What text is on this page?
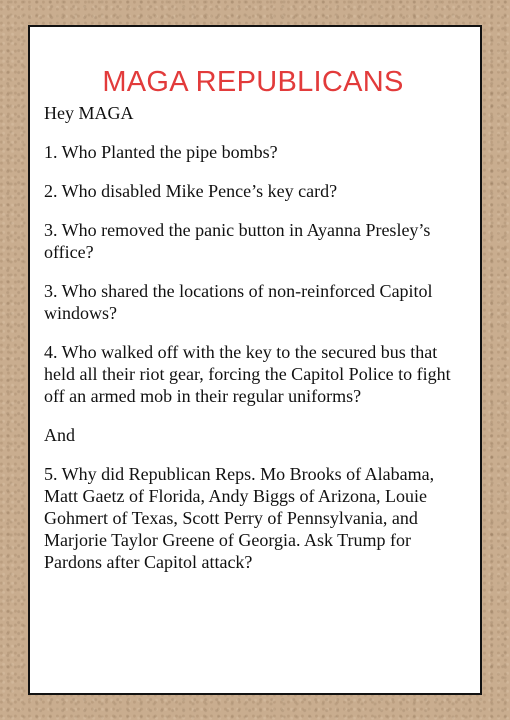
MAGA REPUBLICANS

Hey MAGA

1. Who Planted the pipe bombs?

2. Who disabled Mike Pence’s key card?

3. Who removed the panic button in Ayanna Presley’s office?

3. Who shared the locations of non-reinforced Capitol windows?

4. Who walked off with the key to the secured bus that held all their riot gear, forcing the Capitol Police to fight off an armed mob in their regular uniforms?

And

5. Why did Republican Reps. Mo Brooks of Alabama, Matt Gaetz of Florida, Andy Biggs of Arizona, Louie Gohmert of Texas, Scott Perry of Pennsylvania, and Marjorie Taylor Greene of Georgia. Ask Trump for Pardons after Capitol attack?
